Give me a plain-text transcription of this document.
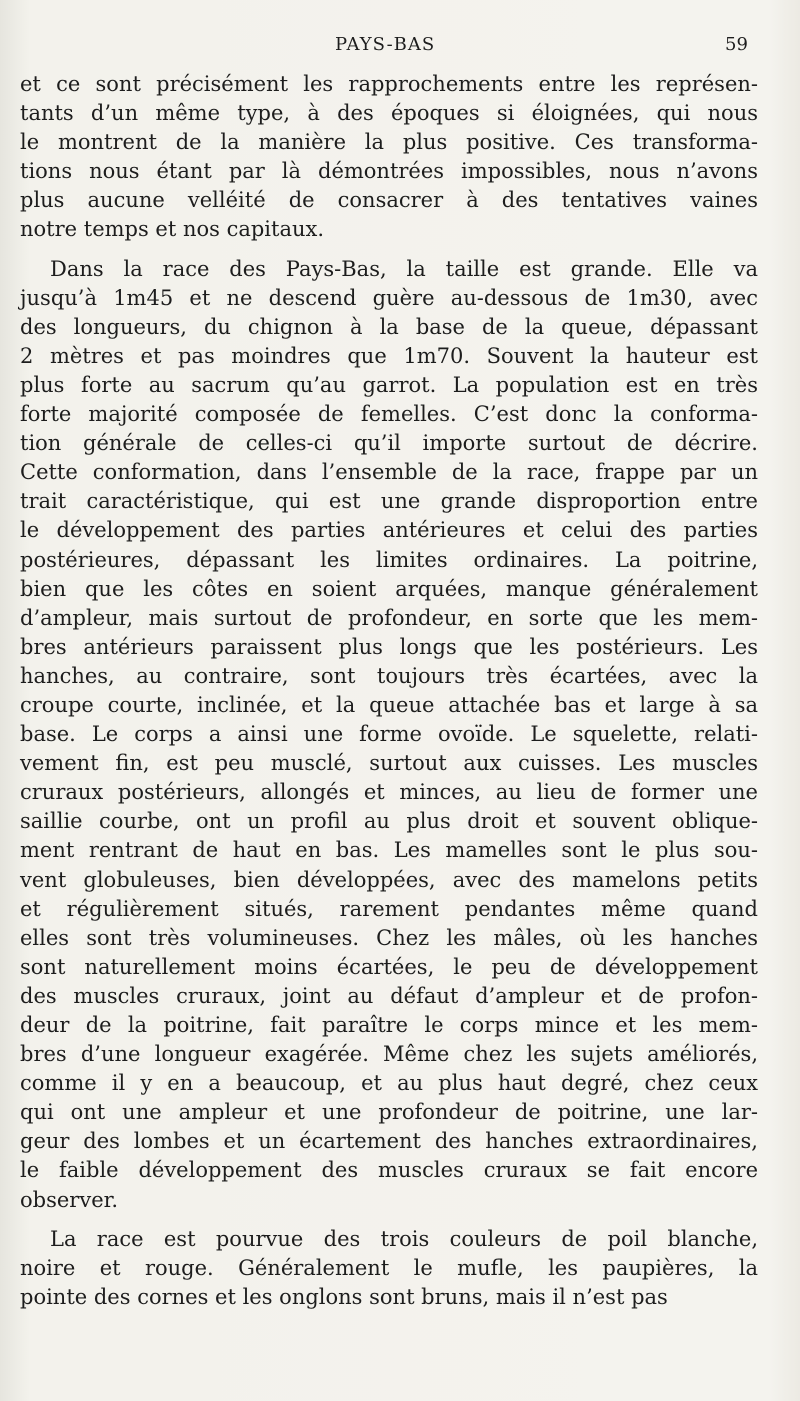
PAYS-BAS	59
et ce sont précisément les rapprochements entre les représen-
tants d’un même type, à des époques si éloignées, qui nous
le montrent de la manière la plus positive. Ces transforma-
tions nous étant par là démontrées impossibles, nous n’avons
plus aucune velléité de consacrer à des tentatives vaines
notre temps et nos capitaux.
Dans la race des Pays-Bas, la taille est grande. Elle va
jusqu’à 1m45 et ne descend guère au-dessous de 1m30, avec
des longueurs, du chignon à la base de la queue, dépassant
2 mètres et pas moindres que 1m70. Souvent la hauteur est
plus forte au sacrum qu’au garrot. La population est en très
forte majorité composée de femelles. C’est donc la conforma-
tion générale de celles-ci qu’il importe surtout de décrire.
Cette conformation, dans l’ensemble de la race, frappe par un
trait caractéristique, qui est une grande disproportion entre
le développement des parties antérieures et celui des parties
postérieures, dépassant les limites ordinaires. La poitrine,
bien que les côtes en soient arquées, manque généralement
d’ampleur, mais surtout de profondeur, en sorte que les mem-
bres antérieurs paraissent plus longs que les postérieurs. Les
hanches, au contraire, sont toujours très écartées, avec la
croupe courte, inclinée, et la queue attachée bas et large à sa
base. Le corps a ainsi une forme ovoïde. Le squelette, relati-
vement fin, est peu musclé, surtout aux cuisses. Les muscles
cruraux postérieurs, allongés et minces, au lieu de former une
saillie courbe, ont un profil au plus droit et souvent oblique-
ment rentrant de haut en bas. Les mamelles sont le plus sou-
vent globuleuses, bien développées, avec des mamelons petits
et régulièrement situés, rarement pendantes même quand
elles sont très volumineuses. Chez les mâles, où les hanches
sont naturellement moins écartées, le peu de développement
des muscles cruraux, joint au défaut d’ampleur et de profon-
deur de la poitrine, fait paraître le corps mince et les mem-
bres d’une longueur exagérée. Même chez les sujets améliorés,
comme il y en a beaucoup, et au plus haut degré, chez ceux
qui ont une ampleur et une profondeur de poitrine, une lar-
geur des lombes et un écartement des hanches extraordinaires,
le faible développement des muscles cruraux se fait encore
observer.
La race est pourvue des trois couleurs de poil blanche,
noire et rouge. Généralement le mufle, les paupières, la
pointe des cornes et les onglons sont bruns, mais il n’est pas
